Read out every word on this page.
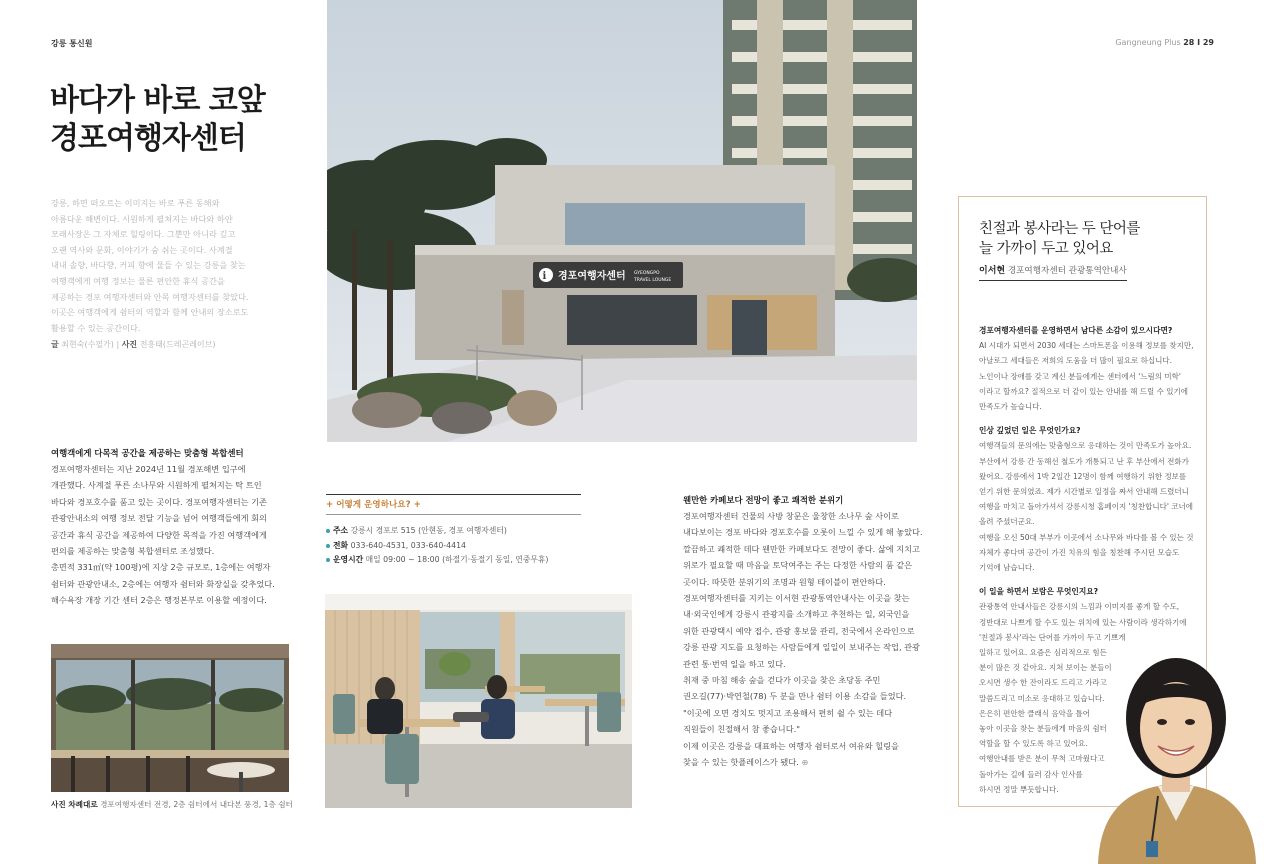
강릉 통신원	Gangneung Plus 28 I 29
바다가 바로 코앞
경포여행자센터
강릉, 하면 떠오르는 이미지는 바로 푸른 동해와
아름다운 해변이다. 시원하게 펼쳐지는 바다와 하얀
모래사장은 그 자체로 힐링이다. 그뿐만 아니라 깊고
오랜 역사와 문화, 이야기가 숨 쉬는 곳이다. 사계절
내내 솔향, 바다향, 커피 향에 물들 수 있는 강릉을 찾는
여행객에게 여행 정보는 물론 편안한 휴식 공간을
제공하는 경포 여행자센터와 안목 여행자센터를 찾았다.
이곳은 여행객에게 쉼터의 역할과 함께 안내의 장소로도
활용할 수 있는 공간이다.
글 최현숙(수필가) | 사진 전흥태(드레곤레이브)
i 경포여행자센터 GYEONGPO
TRAVEL LOUNGE
여행객에게 다목적 공간을 제공하는 맞춤형 복합센터

경포여행자센터는 지난 2024년 11월 경포해변 입구에

개관했다. 사계절 푸른 소나무와 시원하게 펼쳐지는 탁 트인

바다와 경포호수를 품고 있는 곳이다. 경포여행자센터는 기존

관광안내소의 여행 정보 전달 기능을 넘어 여행객들에게 회의

공간과 휴식 공간을 제공하여 다양한 목적을 가진 여행객에게

편의를 제공하는 맞춤형 복합센터로 조성했다.

총면적 331㎡(약 100평)에 지상 2층 규모로, 1층에는 여행자

쉼터와 관광안내소, 2층에는 여행자 쉼터와 화장실을 갖추었다.

해수욕장 개장 기간 센터 2층은 행정본부로 이용할 예정이다.

+ 어떻게 운영하나요? +
주소 강릉시 경포로 515 (안현동, 경포 여행자센터)
전화 033-640-4531, 033-640-4414
운영시간 매일 09:00 ~ 18:00 (하절기·동절기 동일, 연중무휴)
웬만한 카페보다 전망이 좋고 쾌적한 분위기

경포여행자센터 건물의 사방 창문은 울창한 소나무 숲 사이로

내다보이는 경포 바다와 경포호수를 오롯이 느낄 수 있게 해 놓았다.

깔끔하고 쾌적한 데다 웬만한 카페보다도 전망이 좋다. 삶에 지치고

위로가 필요할 때 마음을 토닥여주는 주는 다정한 사람의 품 같은

곳이다. 따뜻한 분위기의 조명과 원형 테이블이 편안하다.

경포여행자센터를 지키는 이서현 관광통역안내사는 이곳을 찾는

내·외국인에게 강릉시 관광지를 소개하고 추천하는 일, 외국인을

위한 관광택시 예약 접수, 관광 홍보물 관리, 전국에서 온라인으로

강릉 관광 지도를 요청하는 사람들에게 일일이 보내주는 작업, 관광

관련 통·번역 일을 하고 있다.

취재 중 마침 해송 숲을 걷다가 이곳을 찾은 초당동 주민

권오길(77)·박연철(78) 두 분을 만나 쉼터 이용 소감을 들었다.

"이곳에 오면 경치도 멋지고 조용해서 편히 쉴 수 있는 데다

직원들이 친절해서 참 좋습니다."

이제 이곳은 강릉을 대표하는 여행자 쉼터로서 여유와 힐링을

찾을 수 있는 핫플레이스가 됐다. ⊕

사진 차례대로 경포여행자센터 전경, 2층 쉼터에서 내다본 풍경, 1층 쉼터
친절과 봉사라는 두 단어를
늘 가까이 두고 있어요
이서현 경포여행자센터 관광통역안내사

경포여행자센터를 운영하면서 남다른 소감이 있으시다면?

AI 시대가 되면서 2030 세대는 스마트폰을 이용해 정보를 찾지만,

아날로그 세대들은 저희의 도움을 더 많이 필요로 하십니다.

노인이나 장애를 갖고 계신 분들에게는 센터에서 '느림의 미학'

이라고 할까요? 질적으로 더 같이 있는 안내를 해 드릴 수 있기에

만족도가 높습니다.

인상 깊었던 일은 무엇인가요?

여행객들의 문의에는 맞춤형으로 응대하는 것이 만족도가 높아요.

부산에서 강릉 간 동해선 철도가 개통되고 난 후 부산에서 전화가

왔어요. 강릉에서 1박 2일간 12명이 함께 여행하기 위한 정보를

얻기 위한 문의였죠. 제가 시간별로 일정을 짜서 안내해 드렸더니

여행을 마치고 돌아가셔서 강릉시청 홈페이지 '칭찬합니다' 코너에

올려 주셨더군요.

여행을 오신 50대 부부가 이곳에서 소나무와 바다를 볼 수 있는 것

자체가 좋다며 공간이 가진 치유의 힘을 칭찬해 주시던 모습도

기억에 남습니다.

이 일을 하면서 보람은 무엇인지요?

관광통역 안내사들은 강릉시의 느낌과 이미지를 좋게 할 수도,

정반대로 나쁘게 할 수도 있는 위치에 있는 사람이라 생각하기에

'친절과 봉사'라는 단어를 가까이 두고 기쁘게

일하고 있어요. 요즘은 심리적으로 힘든

분이 많은 것 같아요. 지쳐 보이는 분들이

오시면 생수 한 잔이라도 드리고 가라고

말씀드리고 미소로 응대하고 있습니다.

은은히 편안한 클래식 음악을 틀어

놓아 이곳을 찾는 분들에게 마음의 쉼터

역할을 할 수 있도록 하고 있어요.

여행안내를 받은 분이 무척 고마웠다고

돌아가는 길에 들러 감사 인사를

하시면 정말 뿌듯합니다.
